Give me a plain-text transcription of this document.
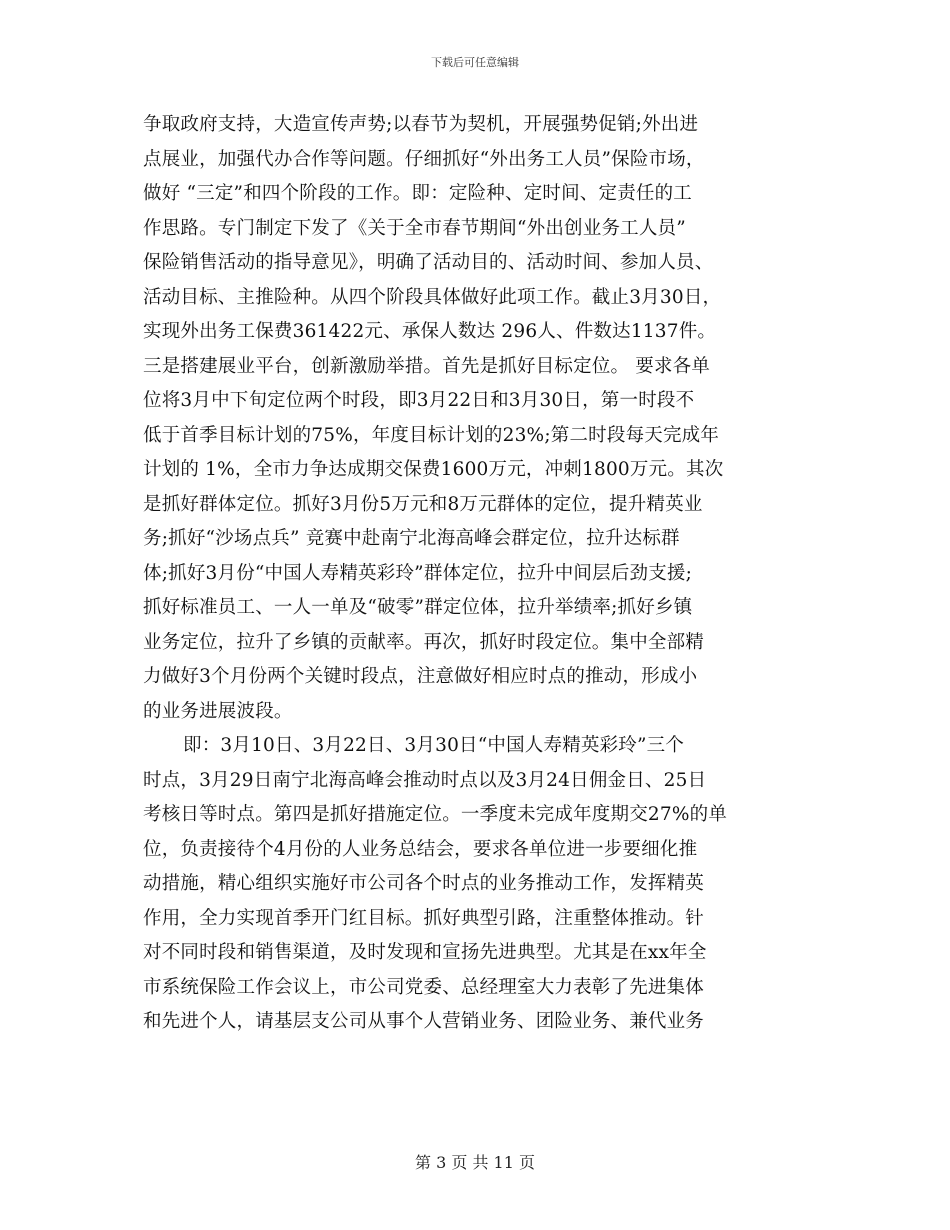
下载后可任意编辑
争取政府支持，大造宣传声势;以春节为契机，开展强势促销;外出进
点展业，加强代办合作等问题。仔细抓好“外出务工人员”保险市场，
做好 “三定”和四个阶段的工作。即：定险种、定时间、定责任的工
作思路。专门制定下发了《关于全市春节期间“外出创业务工人员”
保险销售活动的指导意见》，明确了活动目的、活动时间、参加人员、
活动目标、主推险种。从四个阶段具体做好此项工作。截止3月30日，
实现外出务工保费361422元、承保人数达 296人、件数达1137件。
三是搭建展业平台，创新激励举措。首先是抓好目标定位。 要求各单
位将3月中下旬定位两个时段，即3月22日和3月30日，第一时段不
低于首季目标计划的75%，年度目标计划的23%;第二时段每天完成年
计划的 1%，全市力争达成期交保费1600万元，冲刺1800万元。其次
是抓好群体定位。抓好3月份5万元和8万元群体的定位，提升精英业
务;抓好“沙场点兵” 竞赛中赴南宁北海高峰会群定位，拉升达标群
体;抓好3月份“中国人寿精英彩玲”群体定位，拉升中间层后劲支援;
抓好标准员工、一人一单及“破零”群定位体，拉升举绩率;抓好乡镇
业务定位，拉升了乡镇的贡献率。再次，抓好时段定位。集中全部精
力做好3个月份两个关键时段点，注意做好相应时点的推动，形成小
的业务进展波段。
即：3月10日、3月22日、3月30日“中国人寿精英彩玲”三个
时点，3月29日南宁北海高峰会推动时点以及3月24日佣金日、25日
考核日等时点。第四是抓好措施定位。一季度未完成年度期交27%的单
位，负责接待个4月份的人业务总结会，要求各单位进一步要细化推
动措施，精心组织实施好市公司各个时点的业务推动工作，发挥精英
作用，全力实现首季开门红目标。抓好典型引路，注重整体推动。针
对不同时段和销售渠道，及时发现和宣扬先进典型。尤其是在xx年全
市系统保险工作会议上，市公司党委、总经理室大力表彰了先进集体
和先进个人，请基层支公司从事个人营销业务、团险业务、兼代业务
第 3 页 共 11 页
